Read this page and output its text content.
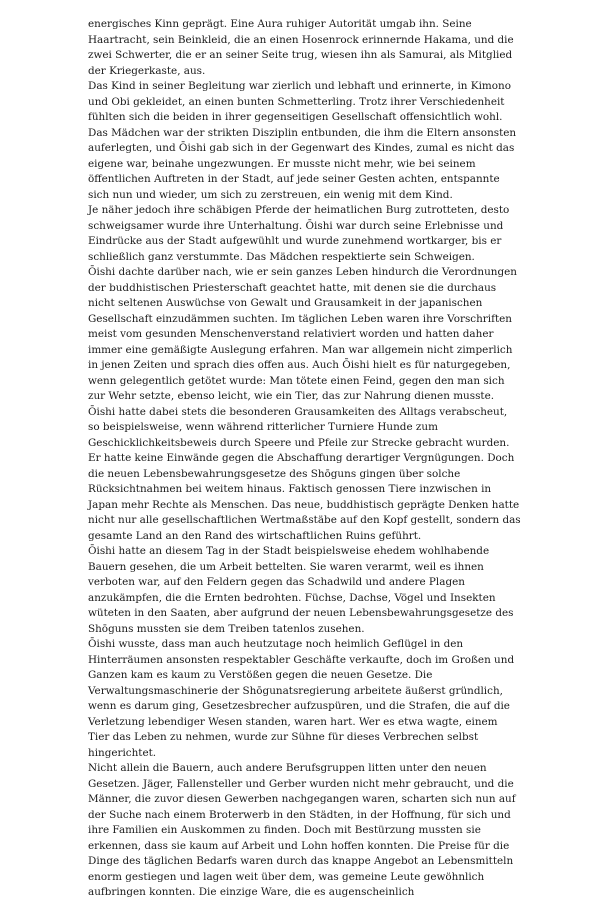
energisches Kinn geprägt. Eine Aura ruhiger Autorität umgab ihn. Seine Haartracht, sein Beinkleid, die an einen Hosenrock erinnernde Hakama, und die zwei Schwerter, die er an seiner Seite trug, wiesen ihn als Samurai, als Mitglied der Kriegerkaste, aus.

Das Kind in seiner Begleitung war zierlich und lebhaft und erinnerte, in Kimono und Obi gekleidet, an einen bunten Schmetterling. Trotz ihrer Verschiedenheit fühlten sich die beiden in ihrer gegenseitigen Gesellschaft offensichtlich wohl. Das Mädchen war der strikten Disziplin entbunden, die ihm die Eltern ansonsten auferlegten, und Ōishi gab sich in der Gegenwart des Kindes, zumal es nicht das eigene war, beinahe ungezwungen. Er musste nicht mehr, wie bei seinem öffentlichen Auftreten in der Stadt, auf jede seiner Gesten achten, entspannte sich nun und wieder, um sich zu zerstreuen, ein wenig mit dem Kind.

Je näher jedoch ihre schäbigen Pferde der heimatlichen Burg zutrotteten, desto schweigsamer wurde ihre Unterhaltung. Ōishi war durch seine Erlebnisse und Eindrücke aus der Stadt aufgewühlt und wurde zunehmend wortkarger, bis er schließlich ganz verstummte. Das Mädchen respektierte sein Schweigen.

Ōishi dachte darüber nach, wie er sein ganzes Leben hindurch die Verordnungen der buddhistischen Priesterschaft geachtet hatte, mit denen sie die durchaus nicht seltenen Auswüchse von Gewalt und Grausamkeit in der japanischen Gesellschaft einzudämmen suchten. Im täglichen Leben waren ihre Vorschriften meist vom gesunden Menschenverstand relativiert worden und hatten daher immer eine gemäßigte Auslegung erfahren. Man war allgemein nicht zimperlich in jenen Zeiten und sprach dies offen aus. Auch Ōishi hielt es für naturgegeben, wenn gelegentlich getötet wurde: Man tötete einen Feind, gegen den man sich zur Wehr setzte, ebenso leicht, wie ein Tier, das zur Nahrung dienen musste.

Ōishi hatte dabei stets die besonderen Grausamkeiten des Alltags verabscheut, so beispielsweise, wenn während ritterlicher Turniere Hunde zum Geschicklichkeitsbeweis durch Speere und Pfeile zur Strecke gebracht wurden. Er hatte keine Einwände gegen die Abschaffung derartiger Vergnügungen. Doch die neuen Lebensbewahrungsgesetze des Shōguns gingen über solche Rücksichtnahmen bei weitem hinaus. Faktisch genossen Tiere inzwischen in Japan mehr Rechte als Menschen. Das neue, buddhistisch geprägte Denken hatte nicht nur alle gesellschaftlichen Wertmaßstäbe auf den Kopf gestellt, sondern das gesamte Land an den Rand des wirtschaftlichen Ruins geführt.

Ōishi hatte an diesem Tag in der Stadt beispielsweise ehedem wohlhabende Bauern gesehen, die um Arbeit bettelten. Sie waren verarmt, weil es ihnen verboten war, auf den Feldern gegen das Schadwild und andere Plagen anzukämpfen, die die Ernten bedrohten. Füchse, Dachse, Vögel und Insekten wüteten in den Saaten, aber aufgrund der neuen Lebensbewahrungsgesetze des Shōguns mussten sie dem Treiben tatenlos zusehen.

Ōishi wusste, dass man auch heutzutage noch heimlich Geflügel in den Hinterräumen ansonsten respektabler Geschäfte verkaufte, doch im Großen und Ganzen kam es kaum zu Verstößen gegen die neuen Gesetze. Die Verwaltungsmaschinerie der Shōgunatsregierung arbeitete äußerst gründlich, wenn es darum ging, Gesetzesbrecher aufzuspüren, und die Strafen, die auf die Verletzung lebendiger Wesen standen, waren hart. Wer es etwa wagte, einem Tier das Leben zu nehmen, wurde zur Sühne für dieses Verbrechen selbst hingerichtet.

Nicht allein die Bauern, auch andere Berufsgruppen litten unter den neuen Gesetzen. Jäger, Fallensteller und Gerber wurden nicht mehr gebraucht, und die Männer, die zuvor diesen Gewerben nachgegangen waren, scharten sich nun auf der Suche nach einem Broterwerb in den Städten, in der Hoffnung, für sich und ihre Familien ein Auskommen zu finden. Doch mit Bestürzung mussten sie erkennen, dass sie kaum auf Arbeit und Lohn hoffen konnten. Die Preise für die Dinge des täglichen Bedarfs waren durch das knappe Angebot an Lebensmitteln enorm gestiegen und lagen weit über dem, was gemeine Leute gewöhnlich aufbringen konnten. Die einzige Ware, die es augenscheinlich
